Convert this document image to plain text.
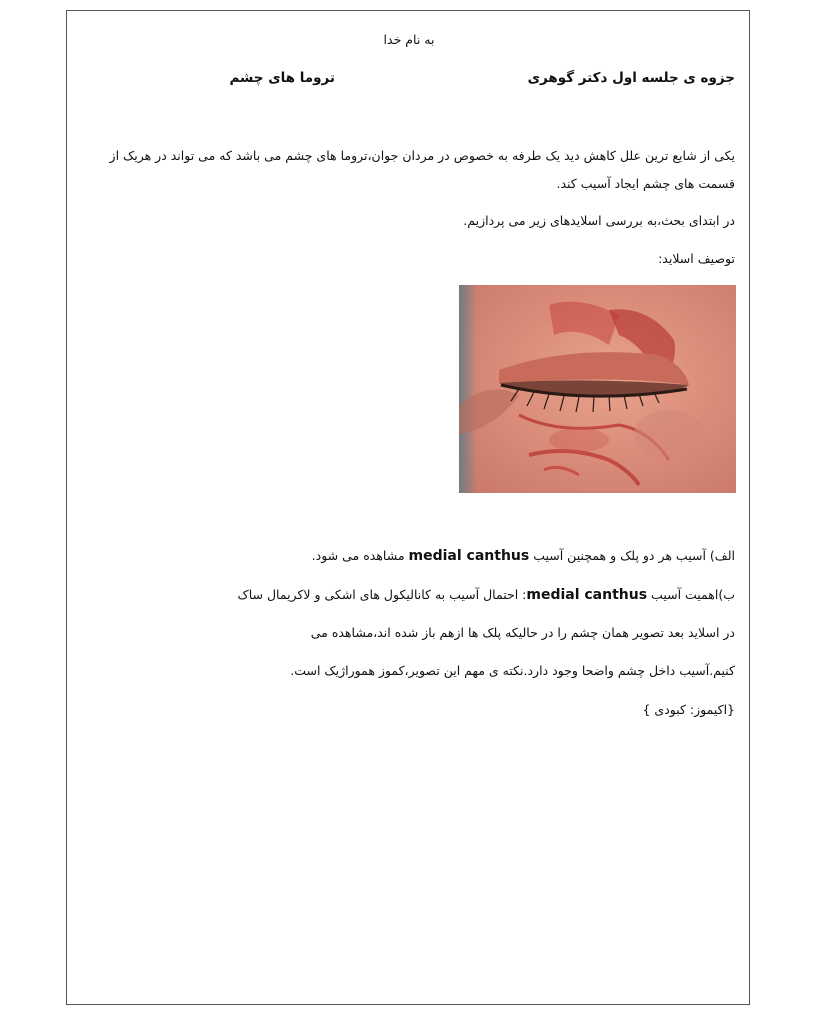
به نام خدا
جزوه ی جلسه اول دکتر گوهری
تروما های چشم
یکی از شایع ترین علل کاهش دید یک طرفه به خصوص در مردان جوان،تروما های چشم می باشد که می تواند در هریک از
قسمت های چشم ایجاد آسیب کند.
در ابتدای بحث،به بررسی اسلایدهای زیر می پردازیم.
توصیف اسلاید:
الف) آسیب هر دو پلک و همچنین آسیب medial canthus مشاهده می شود.
ب)اهمیت آسیب medial canthus: احتمال آسیب به کانالیکول های اشکی و لاکریمال ساک
در اسلاید بعد تصویر همان چشم را در حالیکه پلک ها ازهم باز شده اند،مشاهده می
کنیم.آسیب داخل چشم واضحا وجود دارد.نکته ی مهم این تصویر،کموز هموراژیک است.
{اکیموز: کبودی }
